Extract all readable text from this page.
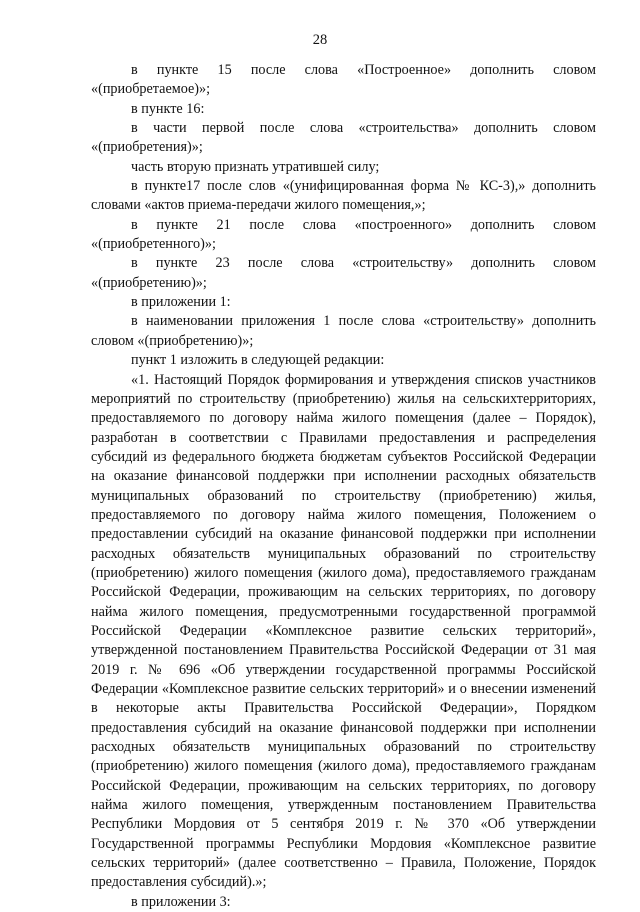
28

в пункте 15 после слова «Построенное» дополнить словом «(приобретаемое)»;

в пункте 16:

в части первой после слова «строительства» дополнить словом «(приобретения)»;

часть вторую признать утратившей силу;

в пункте17 после слов «(унифицированная форма № КС-3),» дополнить словами «актов приема-передачи жилого помещения,»;

в пункте 21 после слова «построенного» дополнить словом «(приобретенного)»;

в пункте 23 после слова «строительству» дополнить словом «(приобретению)»;

в приложении 1:

в наименовании приложения 1 после слова «строительству» дополнить словом «(приобретению)»;

пункт 1 изложить в следующей редакции:

«1. Настоящий Порядок формирования и утверждения списков участников мероприятий по строительству (приобретению) жилья на сельскихтерриториях, предоставляемого по договору найма жилого помещения (далее – Порядок), разработан в соответствии с Правилами предоставления и распределения субсидий из федерального бюджета бюджетам субъектов Российской Федерации на оказание финансовой поддержки при исполнении расходных обязательств муниципальных образований по строительству (приобретению) жилья, предоставляемого по договору найма жилого помещения, Положением о предоставлении субсидий на оказание финансовой поддержки при исполнении расходных обязательств муниципальных образований по строительству (приобретению) жилого помещения (жилого дома), предоставляемого гражданам Российской Федерации, проживающим на сельских территориях, по договору найма жилого помещения, предусмотренными государственной программой Российской Федерации «Комплексное развитие сельских территорий», утвержденной постановлением Правительства Российской Федерации от 31 мая 2019 г. № 696 «Об утверждении государственной программы Российской Федерации «Комплексное развитие сельских территорий» и о внесении изменений в некоторые акты Правительства Российской Федерации», Порядком предоставления субсидий на оказание финансовой поддержки при исполнении расходных обязательств муниципальных образований по строительству (приобретению) жилого помещения (жилого дома), предоставляемого гражданам Российской Федерации, проживающим на сельских территориях, по договору найма жилого помещения, утвержденным постановлением Правительства Республики Мордовия от 5 сентября 2019 г. № 370 «Об утверждении Государственной программы Республики Мордовия «Комплексное развитие сельских территорий» (далее соответственно – Правила, Положение, Порядок предоставления субсидий).»;

в приложении 3:
